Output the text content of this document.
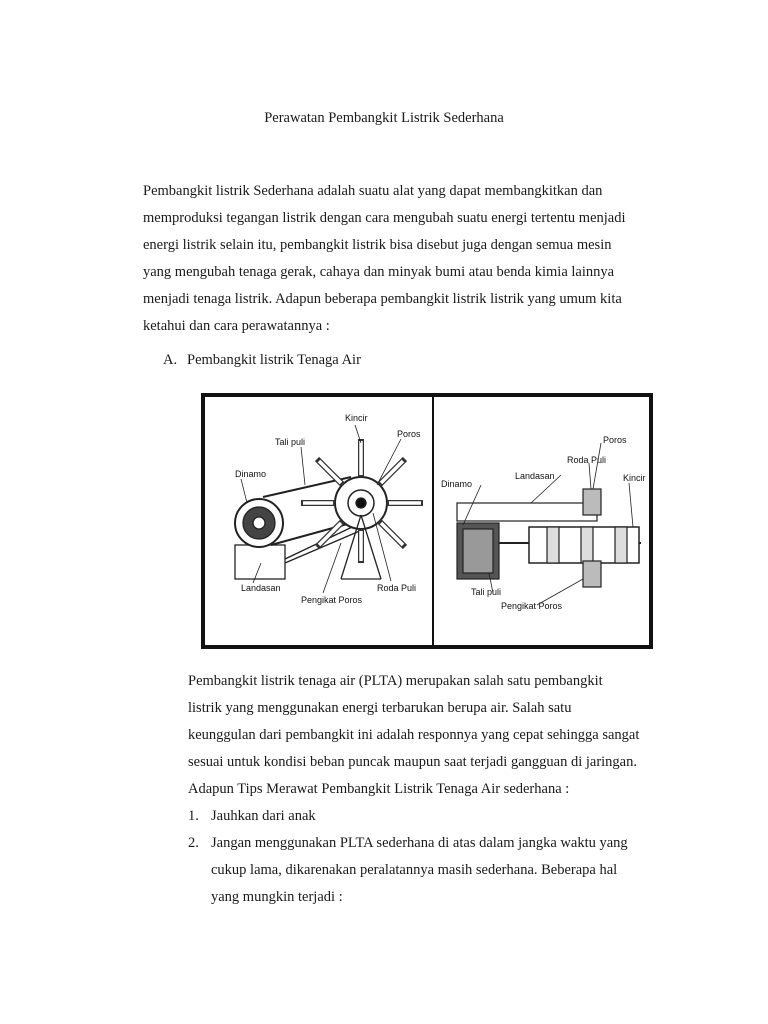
Perawatan Pembangkit Listrik Sederhana

Pembangkit listrik Sederhana adalah suatu alat yang dapat membangkitkan dan

memproduksi tegangan listrik dengan cara mengubah suatu energi tertentu menjadi

energi listrik selain itu, pembangkit listrik bisa disebut juga dengan semua mesin

yang mengubah tenaga gerak, cahaya dan minyak bumi atau benda kimia lainnya

menjadi tenaga listrik. Adapun beberapa pembangkit listrik listrik yang umum kita

ketahui dan cara perawatannya :

A. Pembangkit listrik Tenaga Air
Kincir
Poros
Tali puli
Dinamo
Landasan
Pengikat Poros
Roda Puli
Poros
Roda Puli
Landasan
Dinamo
Kincir
Tali puli
Pengikat Poros

Pembangkit listrik tenaga air (PLTA) merupakan salah satu pembangkit

listrik yang menggunakan energi terbarukan berupa air. Salah satu

keunggulan dari pembangkit ini adalah responnya yang cepat sehingga sangat

sesuai untuk kondisi beban puncak maupun saat terjadi gangguan di jaringan.

Adapun Tips Merawat Pembangkit Listrik Tenaga Air sederhana :

1. Jauhkan dari anak
2. Jangan menggunakan PLTA sederhana di atas dalam jangka waktu yang
cukup lama, dikarenakan peralatannya masih sederhana. Beberapa hal
yang mungkin terjadi :
